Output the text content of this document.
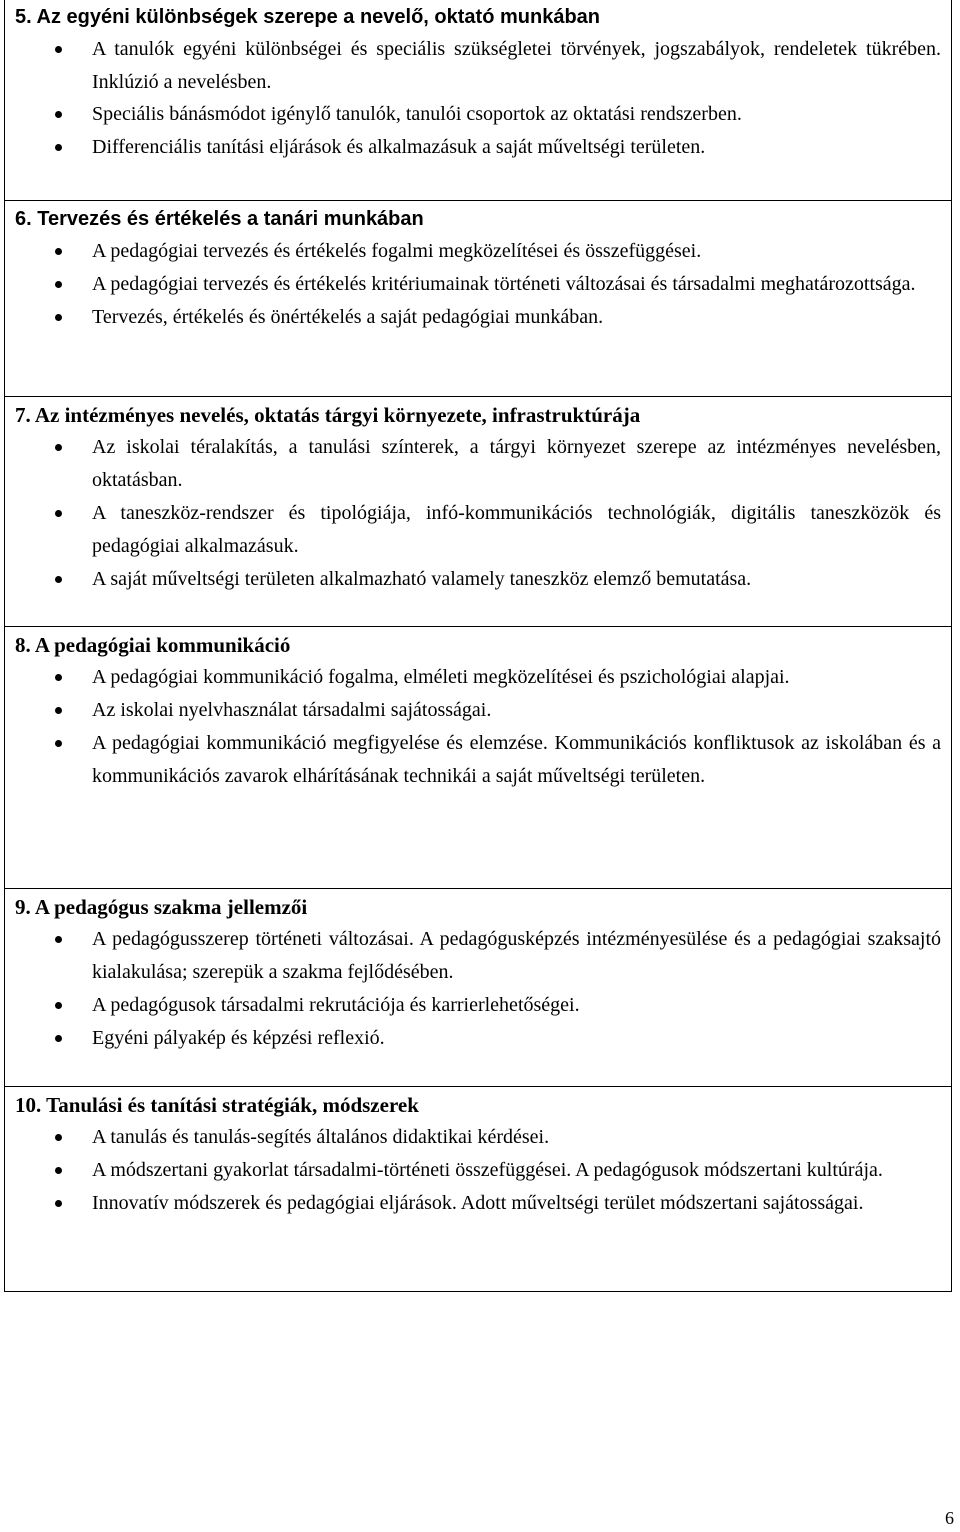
5. Az egyéni különbségek szerepe a nevelő, oktató munkában
A tanulók egyéni különbségei és speciális szükségletei törvények, jogszabályok, rendeletek tükrében. Inklúzió a nevelésben.
Speciális bánásmódot igénylő tanulók, tanulói csoportok az oktatási rendszerben.
Differenciális tanítási eljárások és alkalmazásuk a saját műveltségi területen.
6. Tervezés és értékelés a tanári munkában
A pedagógiai tervezés és értékelés fogalmi megközelítései és összefüggései.
A pedagógiai tervezés és értékelés kritériumainak történeti változásai és társadalmi meghatározottsága.
Tervezés, értékelés és önértékelés a saját pedagógiai munkában.
7. Az intézményes nevelés, oktatás tárgyi környezete, infrastruktúrája
Az iskolai téralakítás, a tanulási színterek, a tárgyi környezet szerepe az intézményes nevelésben, oktatásban.
A taneszköz-rendszer és tipológiája, infó-kommunikációs technológiák, digitális taneszközök és pedagógiai alkalmazásuk.
A saját műveltségi területen alkalmazható valamely taneszköz elemző bemutatása.
8. A pedagógiai kommunikáció
A pedagógiai kommunikáció fogalma, elméleti megközelítései és pszichológiai alapjai.
Az iskolai nyelvhasználat társadalmi sajátosságai.
A pedagógiai kommunikáció megfigyelése és elemzése. Kommunikációs konfliktusok az iskolában és a kommunikációs zavarok elhárításának technikái a saját műveltségi területen.
9. A pedagógus szakma jellemzői
A pedagógusszerep történeti változásai. A pedagógusképzés intézményesülése és a pedagógiai szaksajtó kialakulása; szerepük a szakma fejlődésében.
A pedagógusok társadalmi rekrutációja és karrierlehetőségei.
Egyéni pályakép és képzési reflexió.
10. Tanulási és tanítási stratégiák, módszerek
A tanulás és tanulás-segítés általános didaktikai kérdései.
A módszertani gyakorlat társadalmi-történeti összefüggései. A pedagógusok módszertani kultúrája.
Innovatív módszerek és pedagógiai eljárások. Adott műveltségi terület módszertani sajátosságai.
6
